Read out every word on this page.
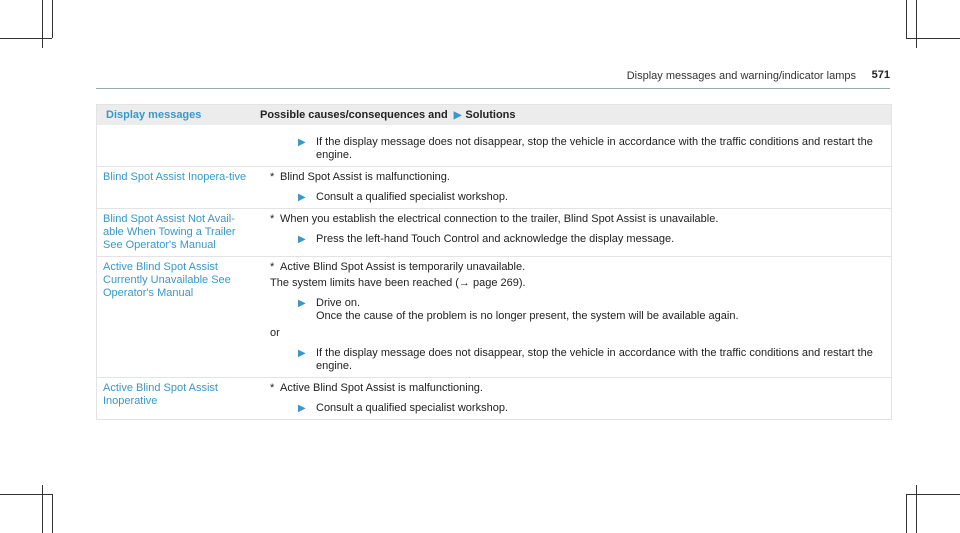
Display messages and warning/indicator lamps 571
Display messages	Possible causes/consequences and ▶ Solutions
▶ If the display message does not disappear, stop the vehicle in accordance with the traffic conditions and restart the engine.
Blind Spot Assist Inopera-tive	* Blind Spot Assist is malfunctioning.
▶ Consult a qualified specialist workshop.
Blind Spot Assist Not Avail-able When Towing a Trailer See Operator's Manual
* When you establish the electrical connection to the trailer, Blind Spot Assist is unavailable.
▶ Press the left-hand Touch Control and acknowledge the display message.
Active Blind Spot Assist Currently Unavailable See Operator's Manual
* Active Blind Spot Assist is temporarily unavailable.
The system limits have been reached (→ page 269).
▶ Drive on.
Once the cause of the problem is no longer present, the system will be available again.
or
▶ If the display message does not disappear, stop the vehicle in accordance with the traffic conditions and restart the engine.
Active Blind Spot Assist Inoperative
* Active Blind Spot Assist is malfunctioning.
▶ Consult a qualified specialist workshop.
